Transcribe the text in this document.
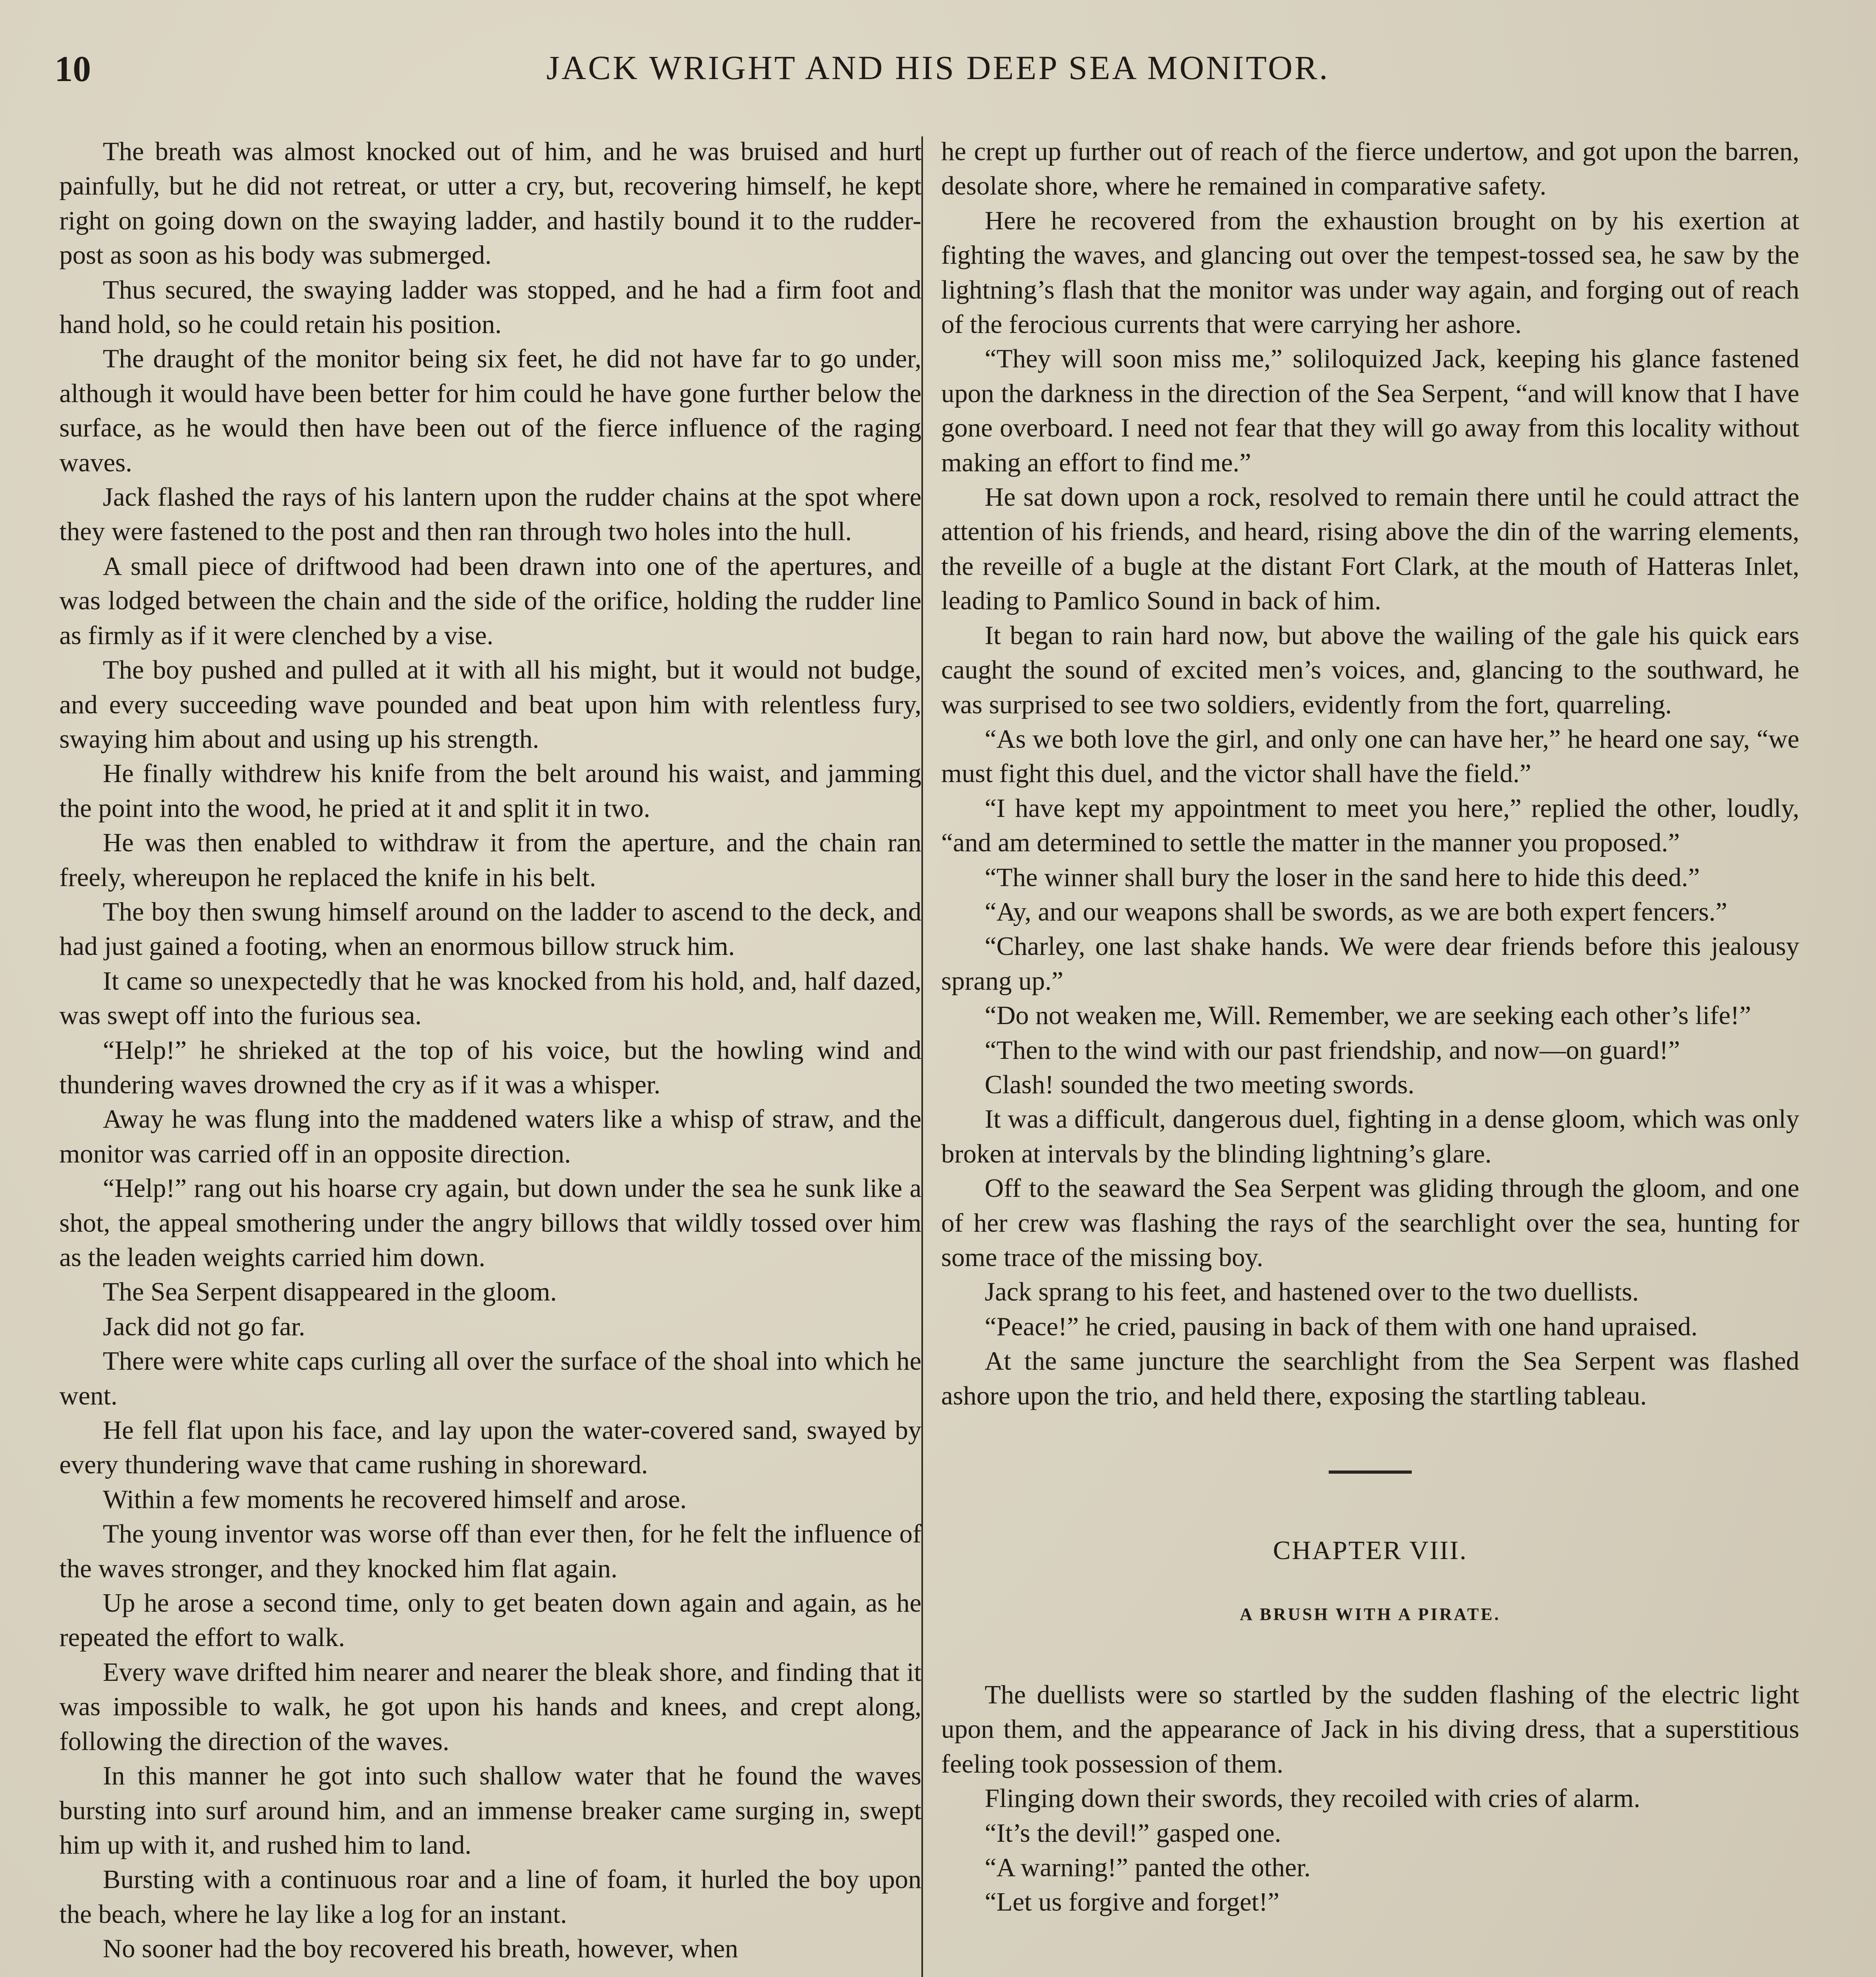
10	JACK WRIGHT AND HIS DEEP SEA MONITOR.

The breath was almost knocked out of him, and he was bruised and hurt painfully, but he did not retreat, or utter a cry, but, recovering himself, he kept right on going down on the swaying ladder, and hastily bound it to the rudder-post as soon as his body was submerged.

Thus secured, the swaying ladder was stopped, and he had a firm foot and hand hold, so he could retain his position.

The draught of the monitor being six feet, he did not have far to go under, although it would have been better for him could he have gone further below the surface, as he would then have been out of the fierce influence of the raging waves.

Jack flashed the rays of his lantern upon the rudder chains at the spot where they were fastened to the post and then ran through two holes into the hull.

A small piece of driftwood had been drawn into one of the apertures, and was lodged between the chain and the side of the orifice, holding the rudder line as firmly as if it were clenched by a vise.

The boy pushed and pulled at it with all his might, but it would not budge, and every succeeding wave pounded and beat upon him with relentless fury, swaying him about and using up his strength.

He finally withdrew his knife from the belt around his waist, and jamming the point into the wood, he pried at it and split it in two.

He was then enabled to withdraw it from the aperture, and the chain ran freely, whereupon he replaced the knife in his belt.

The boy then swung himself around on the ladder to ascend to the deck, and had just gained a footing, when an enormous billow struck him.

It came so unexpectedly that he was knocked from his hold, and, half dazed, was swept off into the furious sea.

“Help!” he shrieked at the top of his voice, but the howling wind and thundering waves drowned the cry as if it was a whisper.

Away he was flung into the maddened waters like a whisp of straw, and the monitor was carried off in an opposite direction.

“Help!” rang out his hoarse cry again, but down under the sea he sunk like a shot, the appeal smothering under the angry billows that wildly tossed over him as the leaden weights carried him down.

The Sea Serpent disappeared in the gloom.

Jack did not go far.

There were white caps curling all over the surface of the shoal into which he went.

He fell flat upon his face, and lay upon the water-covered sand, swayed by every thundering wave that came rushing in shoreward.

Within a few moments he recovered himself and arose.

The young inventor was worse off than ever then, for he felt the influence of the waves stronger, and they knocked him flat again.

Up he arose a second time, only to get beaten down again and again, as he repeated the effort to walk.

Every wave drifted him nearer and nearer the bleak shore, and finding that it was impossible to walk, he got upon his hands and knees, and crept along, following the direction of the waves.

In this manner he got into such shallow water that he found the waves bursting into surf around him, and an immense breaker came surging in, swept him up with it, and rushed him to land.

Bursting with a continuous roar and a line of foam, it hurled the boy upon the beach, where he lay like a log for an instant.

No sooner had the boy recovered his breath, however, when

he crept up further out of reach of the fierce undertow, and got upon the barren, desolate shore, where he remained in comparative safety.

Here he recovered from the exhaustion brought on by his exertion at fighting the waves, and glancing out over the tempest-tossed sea, he saw by the lightning’s flash that the monitor was under way again, and forging out of reach of the ferocious currents that were carrying her ashore.

“They will soon miss me,” soliloquized Jack, keeping his glance fastened upon the darkness in the direction of the Sea Serpent, “and will know that I have gone overboard. I need not fear that they will go away from this locality without making an effort to find me.”

He sat down upon a rock, resolved to remain there until he could attract the attention of his friends, and heard, rising above the din of the warring elements, the reveille of a bugle at the distant Fort Clark, at the mouth of Hatteras Inlet, leading to Pamlico Sound in back of him.

It began to rain hard now, but above the wailing of the gale his quick ears caught the sound of excited men’s voices, and, glancing to the southward, he was surprised to see two soldiers, evidently from the fort, quarreling.

“As we both love the girl, and only one can have her,” he heard one say, “we must fight this duel, and the victor shall have the field.”

“I have kept my appointment to meet you here,” replied the other, loudly, “and am determined to settle the matter in the manner you proposed.”

“The winner shall bury the loser in the sand here to hide this deed.”

“Ay, and our weapons shall be swords, as we are both expert fencers.”

“Charley, one last shake hands. We were dear friends before this jealousy sprang up.”

“Do not weaken me, Will. Remember, we are seeking each other’s life!”

“Then to the wind with our past friendship, and now—on guard!”

Clash! sounded the two meeting swords.

It was a difficult, dangerous duel, fighting in a dense gloom, which was only broken at intervals by the blinding lightning’s glare.

Off to the seaward the Sea Serpent was gliding through the gloom, and one of her crew was flashing the rays of the searchlight over the sea, hunting for some trace of the missing boy.

Jack sprang to his feet, and hastened over to the two duellists.

“Peace!” he cried, pausing in back of them with one hand upraised.

At the same juncture the searchlight from the Sea Serpent was flashed ashore upon the trio, and held there, exposing the startling tableau.

CHAPTER VIII.
A BRUSH WITH A PIRATE.

The duellists were so startled by the sudden flashing of the electric light upon them, and the appearance of Jack in his diving dress, that a superstitious feeling took possession of them.

Flinging down their swords, they recoiled with cries of alarm.

“It’s the devil!” gasped one.

“A warning!” panted the other.

“Let us forgive and forget!”
